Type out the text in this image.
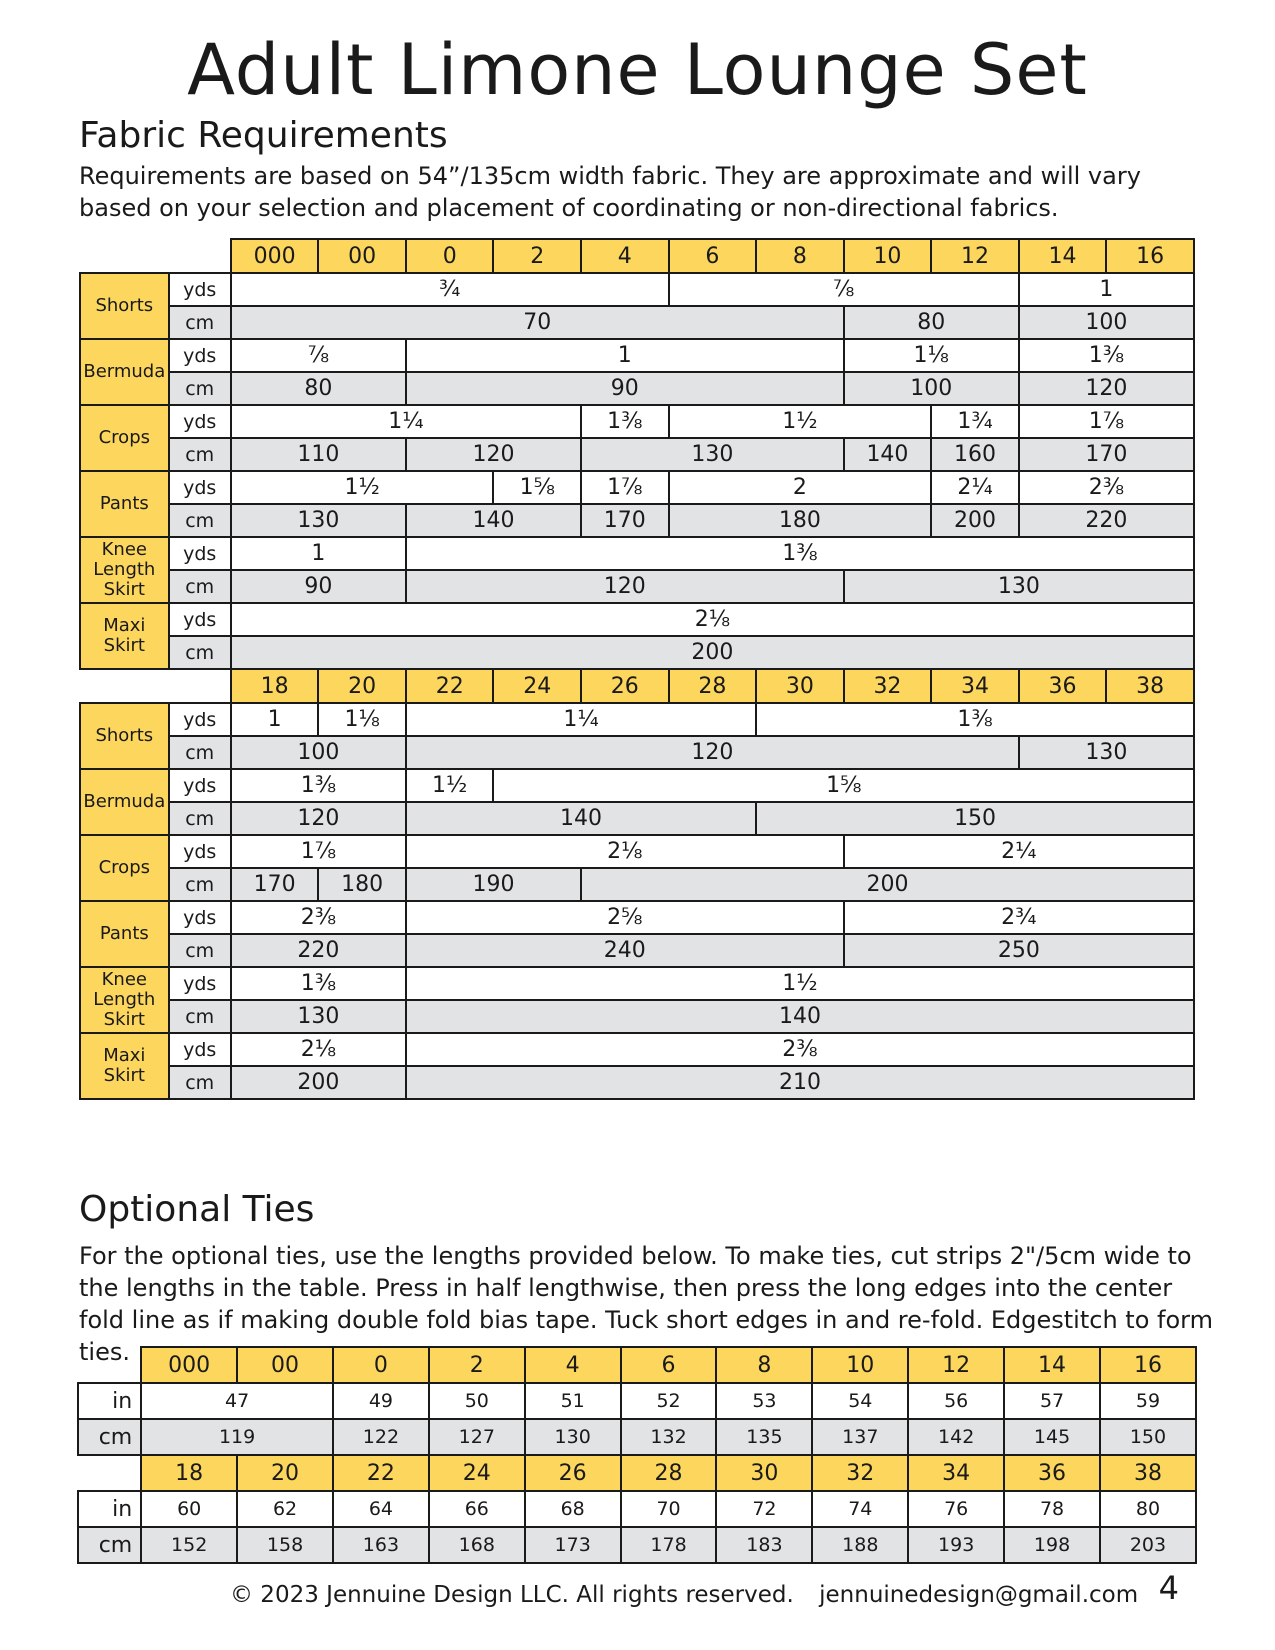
Adult Limone Lounge Set
Fabric Requirements
Requirements are based on 54”/135cm width fabric. They are approximate and will vary based on your selection and placement of coordinating or non-directional fabrics.
		000	00	0	2	4	6	8	10	12	14	16
Shorts	yds	¾					⅞				1	
	cm	70							80		100	
Bermuda	yds	⅞		1					1⅛		1⅜	
	cm	80		90					100		120	
Crops	yds	1¼				1⅜	1½			1¾	1⅞	
	cm	110		120		130			140	160	170	
Pants	yds	1½			1⅝	1⅞	2			2¼	2⅜	
	cm	130		140		170	180			200	220	
Knee Length Skirt	yds	1		1⅜								
	cm	90		120					130			
Maxi Skirt	yds	2⅛										
	cm	200										
		18	20	22	24	26	28	30	32	34	36	38
Shorts	yds	1	1⅛	1¼				1⅜				
	cm	100		120							130	
Bermuda	yds	1⅜		1½	1⅝							
	cm	120		140				150				
Crops	yds	1⅞		2⅛					2¼			
	cm	170	180	190		200						
Pants	yds	2⅜		2⅝					2¾			
	cm	220		240					250			
Knee Length Skirt	yds	1⅜		1½								
	cm	130		140								
Maxi Skirt	yds	2⅛		2⅜								
	cm	200		210								
Optional Ties
For the optional ties, use the lengths provided below. To make ties, cut strips 2"/5cm wide to the lengths in the table. Press in half lengthwise, then press the long edges into the center fold line as if making double fold bias tape. Tuck short edges in and re-fold. Edgestitch to form ties.
		000	00	0	2	4	6	8	10	12	14	16
in	47		49	50	51	52	53	54	56	57	59
cm	119		122	127	130	132	135	137	142	145	150
	18	20	22	24	26	28	30	32	34	36	38
in	60	62	64	66	68	70	72	74	76	78	80
cm	152	158	163	168	173	178	183	188	193	198	203
© 2023 Jennuine Design LLC. All rights reserved. jennuinedesign@gmail.com 4
